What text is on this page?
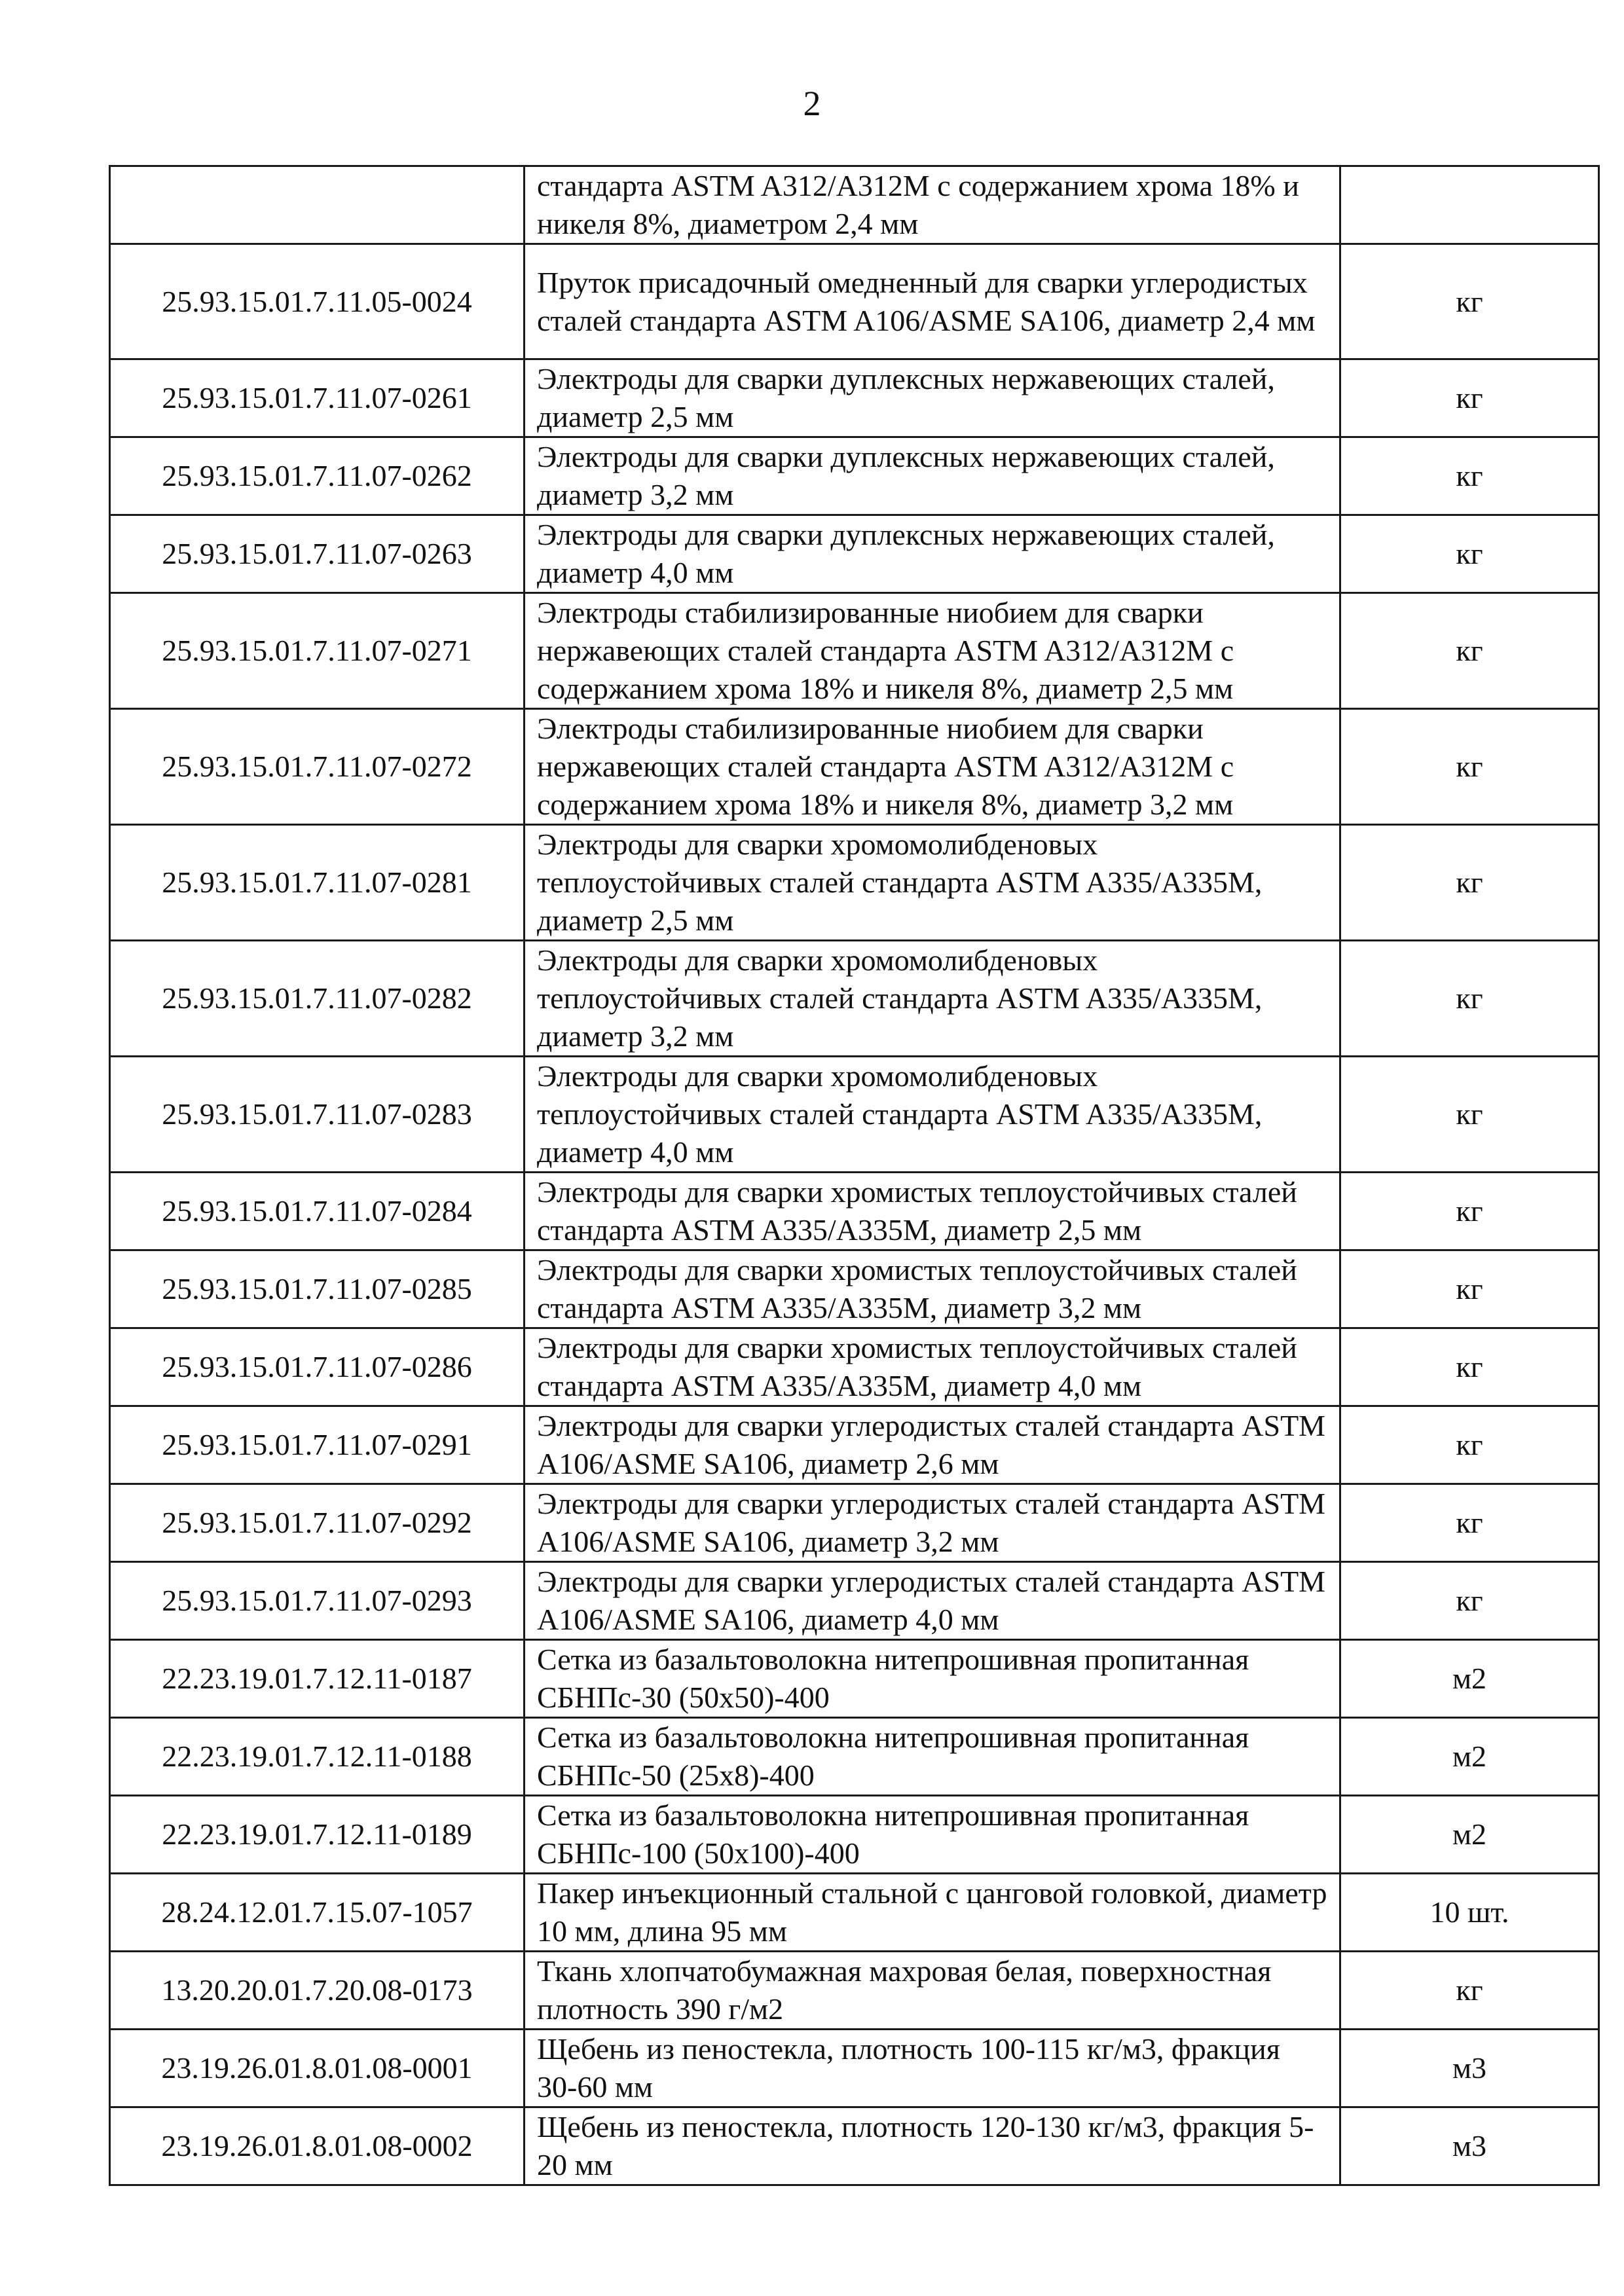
2
	стандарта ASTM A312/A312M с содержанием хрома 18% и никеля 8%, диаметром 2,4 мм	
25.93.15.01.7.11.05-0024	Пруток присадочный омедненный для сварки углеродистых сталей стандарта ASTM A106/ASME SA106, диаметр 2,4 мм	кг
25.93.15.01.7.11.07-0261	Электроды для сварки дуплексных нержавеющих сталей, диаметр 2,5 мм	кг
25.93.15.01.7.11.07-0262	Электроды для сварки дуплексных нержавеющих сталей, диаметр 3,2 мм	кг
25.93.15.01.7.11.07-0263	Электроды для сварки дуплексных нержавеющих сталей, диаметр 4,0 мм	кг
25.93.15.01.7.11.07-0271	Электроды стабилизированные ниобием для сварки нержавеющих сталей стандарта ASTM A312/A312M с содержанием хрома 18% и никеля 8%, диаметр 2,5 мм	кг
25.93.15.01.7.11.07-0272	Электроды стабилизированные ниобием для сварки нержавеющих сталей стандарта ASTM A312/A312M с содержанием хрома 18% и никеля 8%, диаметр 3,2 мм	кг
25.93.15.01.7.11.07-0281	Электроды для сварки хромомолибденовых теплоустойчивых сталей стандарта ASTM A335/A335M, диаметр 2,5 мм	кг
25.93.15.01.7.11.07-0282	Электроды для сварки хромомолибденовых теплоустойчивых сталей стандарта ASTM A335/A335M, диаметр 3,2 мм	кг
25.93.15.01.7.11.07-0283	Электроды для сварки хромомолибденовых теплоустойчивых сталей стандарта ASTM A335/A335M, диаметр 4,0 мм	кг
25.93.15.01.7.11.07-0284	Электроды для сварки хромистых теплоустойчивых сталей стандарта ASTM A335/A335M, диаметр 2,5 мм	кг
25.93.15.01.7.11.07-0285	Электроды для сварки хромистых теплоустойчивых сталей стандарта ASTM A335/A335M, диаметр 3,2 мм	кг
25.93.15.01.7.11.07-0286	Электроды для сварки хромистых теплоустойчивых сталей стандарта ASTM A335/A335M, диаметр 4,0 мм	кг
25.93.15.01.7.11.07-0291	Электроды для сварки углеродистых сталей стандарта ASTM A106/ASME SA106, диаметр 2,6 мм	кг
25.93.15.01.7.11.07-0292	Электроды для сварки углеродистых сталей стандарта ASTM A106/ASME SA106, диаметр 3,2 мм	кг
25.93.15.01.7.11.07-0293	Электроды для сварки углеродистых сталей стандарта ASTM A106/ASME SA106, диаметр 4,0 мм	кг
22.23.19.01.7.12.11-0187	Сетка из базальтоволокна нитепрошивная пропитанная СБНПс-30 (50х50)-400	м2
22.23.19.01.7.12.11-0188	Сетка из базальтоволокна нитепрошивная пропитанная СБНПс-50 (25х8)-400	м2
22.23.19.01.7.12.11-0189	Сетка из базальтоволокна нитепрошивная пропитанная СБНПс-100 (50х100)-400	м2
28.24.12.01.7.15.07-1057	Пакер инъекционный стальной с цанговой головкой, диаметр 10 мм, длина 95 мм	10 шт.
13.20.20.01.7.20.08-0173	Ткань хлопчатобумажная махровая белая, поверхностная плотность 390 г/м2	кг
23.19.26.01.8.01.08-0001	Щебень из пеностекла, плотность 100-115 кг/м3, фракция 30-60 мм	м3
23.19.26.01.8.01.08-0002	Щебень из пеностекла, плотность 120-130 кг/м3, фракция 5-20 мм	м3
